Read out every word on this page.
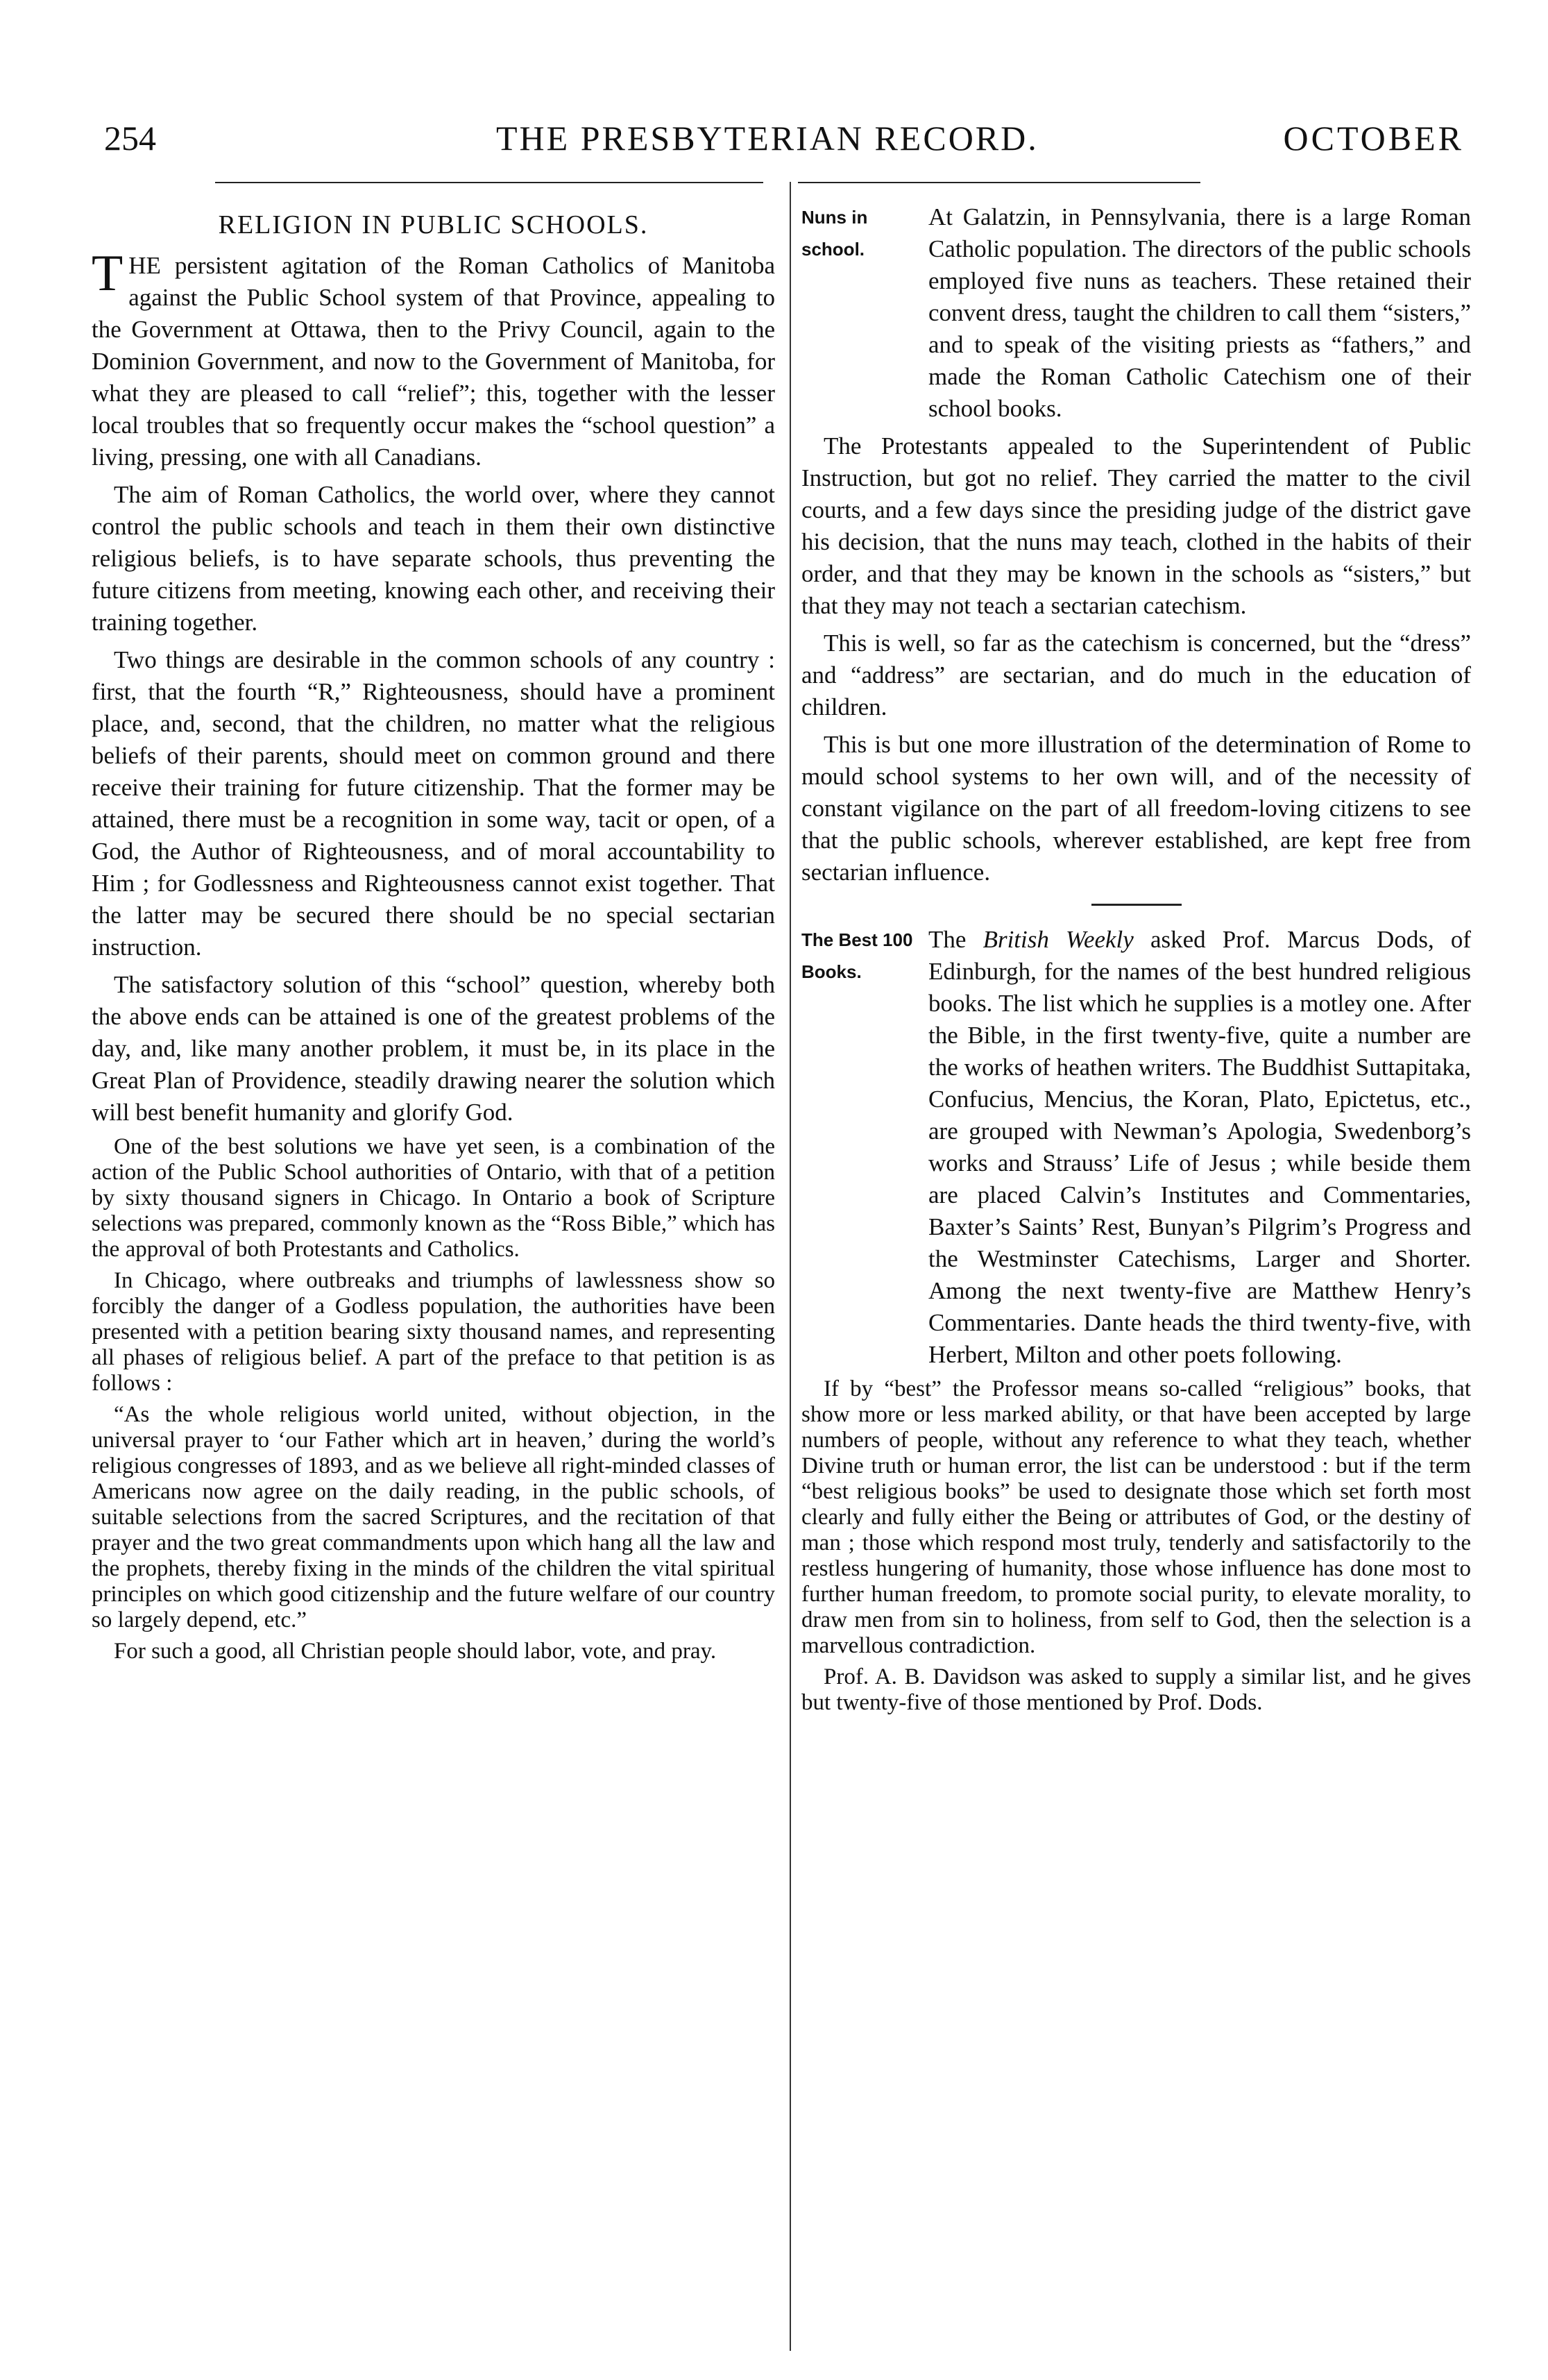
254	THE PRESBYTERIAN RECORD.	OCTOBER
RELIGION IN PUBLIC SCHOOLS.

THE persistent agitation of the Roman Catholics of Manitoba against the Public School system of that Province, appealing to the Government at Ottawa, then to the Privy Council, again to the Dominion Government, and now to the Government of Manitoba, for what they are pleased to call “relief”; this, together with the lesser local troubles that so frequently occur makes the “school question” a living, pressing, one with all Canadians.

The aim of Roman Catholics, the world over, where they cannot control the public schools and teach in them their own distinctive religious beliefs, is to have separate schools, thus preventing the future citizens from meeting, knowing each other, and receiving their training together.

Two things are desirable in the common schools of any country : first, that the fourth “R,” Righteousness, should have a prominent place, and, second, that the children, no matter what the religious beliefs of their parents, should meet on common ground and there receive their training for future citizenship. That the former may be attained, there must be a recognition in some way, tacit or open, of a God, the Author of Righteousness, and of moral accountability to Him ; for Godlessness and Righteousness cannot exist together. That the latter may be secured there should be no special sectarian instruction.

The satisfactory solution of this “school” question, whereby both the above ends can be attained is one of the greatest problems of the day, and, like many another problem, it must be, in its place in the Great Plan of Providence, steadily drawing nearer the solution which will best benefit humanity and glorify God.

One of the best solutions we have yet seen, is a combination of the action of the Public School authorities of Ontario, with that of a petition by sixty thousand signers in Chicago. In Ontario a book of Scripture selections was prepared, commonly known as the “Ross Bible,” which has the approval of both Protestants and Catholics.

In Chicago, where outbreaks and triumphs of lawlessness show so forcibly the danger of a Godless population, the authorities have been presented with a petition bearing sixty thousand names, and representing all phases of religious belief. A part of the preface to that petition is as follows :

“As the whole religious world united, without objection, in the universal prayer to ‘our Father which art in heaven,’ during the world’s religious congresses of 1893, and as we believe all right-minded classes of Americans now agree on the daily reading, in the public schools, of suitable selections from the sacred Scriptures, and the recitation of that prayer and the two great commandments upon which hang all the law and the prophets, thereby fixing in the minds of the children the vital spiritual principles on which good citizenship and the future welfare of our country so largely depend, etc.”

For such a good, all Christian people should labor, vote, and pray.

Nuns in school.

At Galatzin, in Pennsylvania, there is a large Roman Catholic population. The directors of the public schools employed five nuns as teachers. These retained their convent dress, taught the children to call them “sisters,” and to speak of the visiting priests as “fathers,” and made the Roman Catholic Catechism one of their school books.

The Protestants appealed to the Superintendent of Public Instruction, but got no relief. They carried the matter to the civil courts, and a few days since the presiding judge of the district gave his decision, that the nuns may teach, clothed in the habits of their order, and that they may be known in the schools as “sisters,” but that they may not teach a sectarian catechism.

This is well, so far as the catechism is concerned, but the “dress” and “address” are sectarian, and do much in the education of children.

This is but one more illustration of the determination of Rome to mould school systems to her own will, and of the necessity of constant vigilance on the part of all freedom-loving citizens to see that the public schools, wherever established, are kept free from sectarian influence.

The Best 100 Books.

The British Weekly asked Prof. Marcus Dods, of Edinburgh, for the names of the best hundred religious books. The list which he supplies is a motley one. After the Bible, in the first twenty-five, quite a number are the works of heathen writers. The Buddhist Suttapitaka, Confucius, Mencius, the Koran, Plato, Epictetus, etc., are grouped with Newman’s Apologia, Swedenborg’s works and Strauss’ Life of Jesus ; while beside them are placed Calvin’s Institutes and Commentaries, Baxter’s Saints’ Rest, Bunyan’s Pilgrim’s Progress and the Westminster Catechisms, Larger and Shorter. Among the next twenty-five are Matthew Henry’s Commentaries. Dante heads the third twenty-five, with Herbert, Milton and other poets following.

If by “best” the Professor means so-called “religious” books, that show more or less marked ability, or that have been accepted by large numbers of people, without any reference to what they teach, whether Divine truth or human error, the list can be understood : but if the term “best religious books” be used to designate those which set forth most clearly and fully either the Being or attributes of God, or the destiny of man ; those which respond most truly, tenderly and satisfactorily to the restless hungering of humanity, those whose influence has done most to further human freedom, to promote social purity, to elevate morality, to draw men from sin to holiness, from self to God, then the selection is a marvellous contradiction.

Prof. A. B. Davidson was asked to supply a similar list, and he gives but twenty-five of those mentioned by Prof. Dods.
